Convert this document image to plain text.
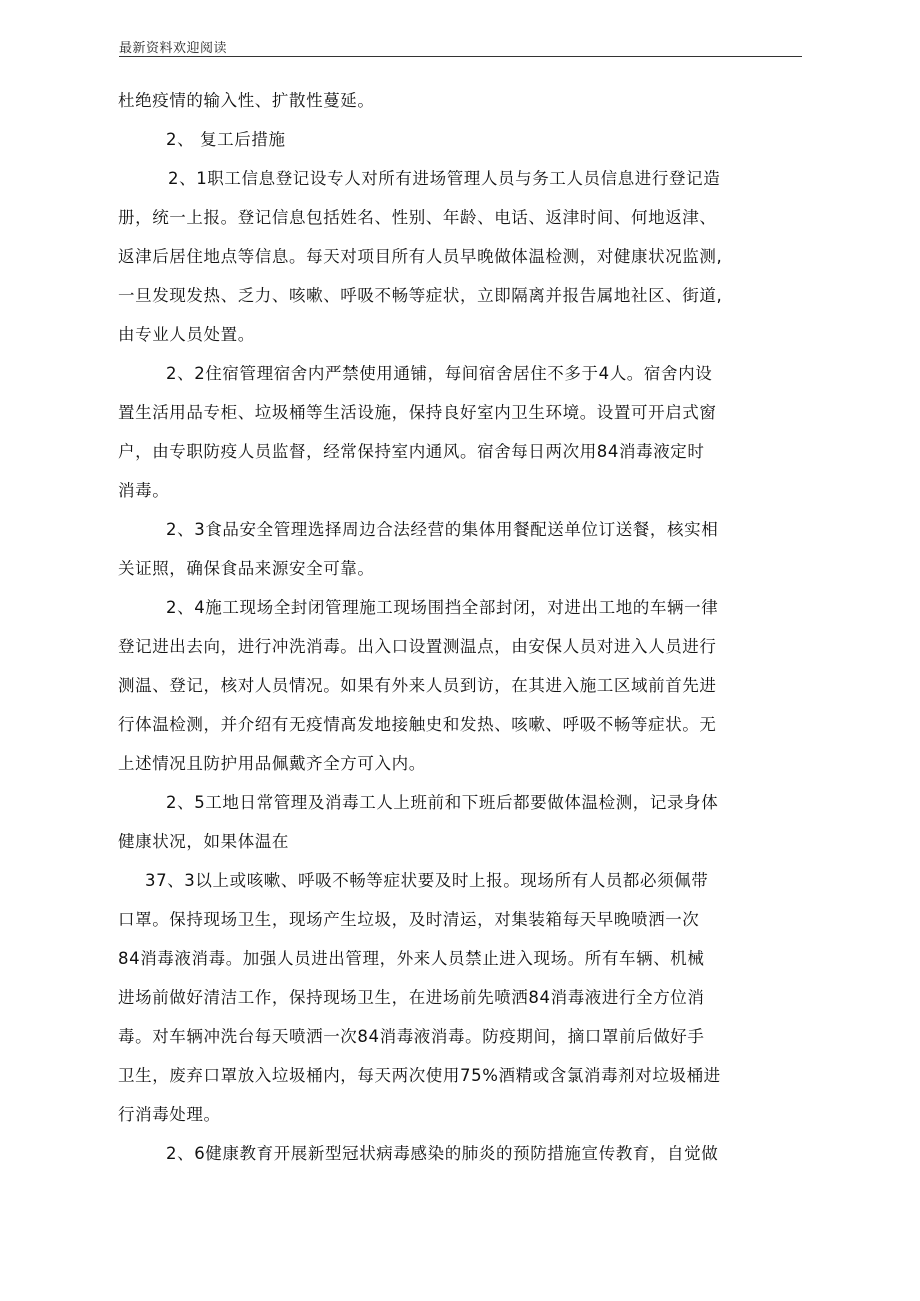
最新资料欢迎阅读
杜绝疫情的输入性、扩散性蔓延。
2、 复工后措施
2、1职工信息登记设专人对所有进场管理人员与务工人员信息进行登记造
册，统一上报。登记信息包括姓名、性别、年龄、电话、返津时间、何地返津、
返津后居住地点等信息。每天对项目所有人员早晚做体温检测，对健康状况监测,
一旦发现发热、乏力、咳嗽、呼吸不畅等症状，立即隔离并报告属地社区、街道,
由专业人员处置。
2、2住宿管理宿舍内严禁使用通铺，每间宿舍居住不多于4人。宿舍内设
置生活用品专柜、垃圾桶等生活设施，保持良好室内卫生环境。设置可开启式窗
户，由专职防疫人员监督，经常保持室内通风。宿舍每日两次用84消毒液定时
消毒。
2、3食品安全管理选择周边合法经营的集体用餐配送单位订送餐，核实相
关证照，确保食品来源安全可靠。
2、4施工现场全封闭管理施工现场围挡全部封闭，对进出工地的车辆一律
登记进出去向，进行冲洗消毒。出入口设置测温点，由安保人员对进入人员进行
测温、登记，核对人员情况。如果有外来人员到访，在其进入施工区域前首先进
行体温检测，并介绍有无疫情髙发地接触史和发热、咳嗽、呼吸不畅等症状。无
上述情况且防护用品佩戴齐全方可入内。
2、5工地日常管理及消毒工人上班前和下班后都要做体温检测，记录身体
健康状况，如果体温在
37、3以上或咳嗽、呼吸不畅等症状要及时上报。现场所有人员都必须佩带
口罩。保持现场卫生，现场产生垃圾，及时清运，对集装箱每天早晚喷洒一次
84消毒液消毒。加强人员进出管理，外来人员禁止进入现场。所有车辆、机械
进场前做好清洁工作，保持现场卫生，在进场前先喷洒84消毒液进行全方位消
毒。对车辆冲洗台每天喷洒一次84消毒液消毒。防疫期间，摘口罩前后做好手
卫生，废弃口罩放入垃圾桶内，每天两次使用75%酒精或含氯消毒剂对垃圾桶进
行消毒处理。
2、6健康教育开展新型冠状病毒感染的肺炎的预防措施宣传教育，自觉做
